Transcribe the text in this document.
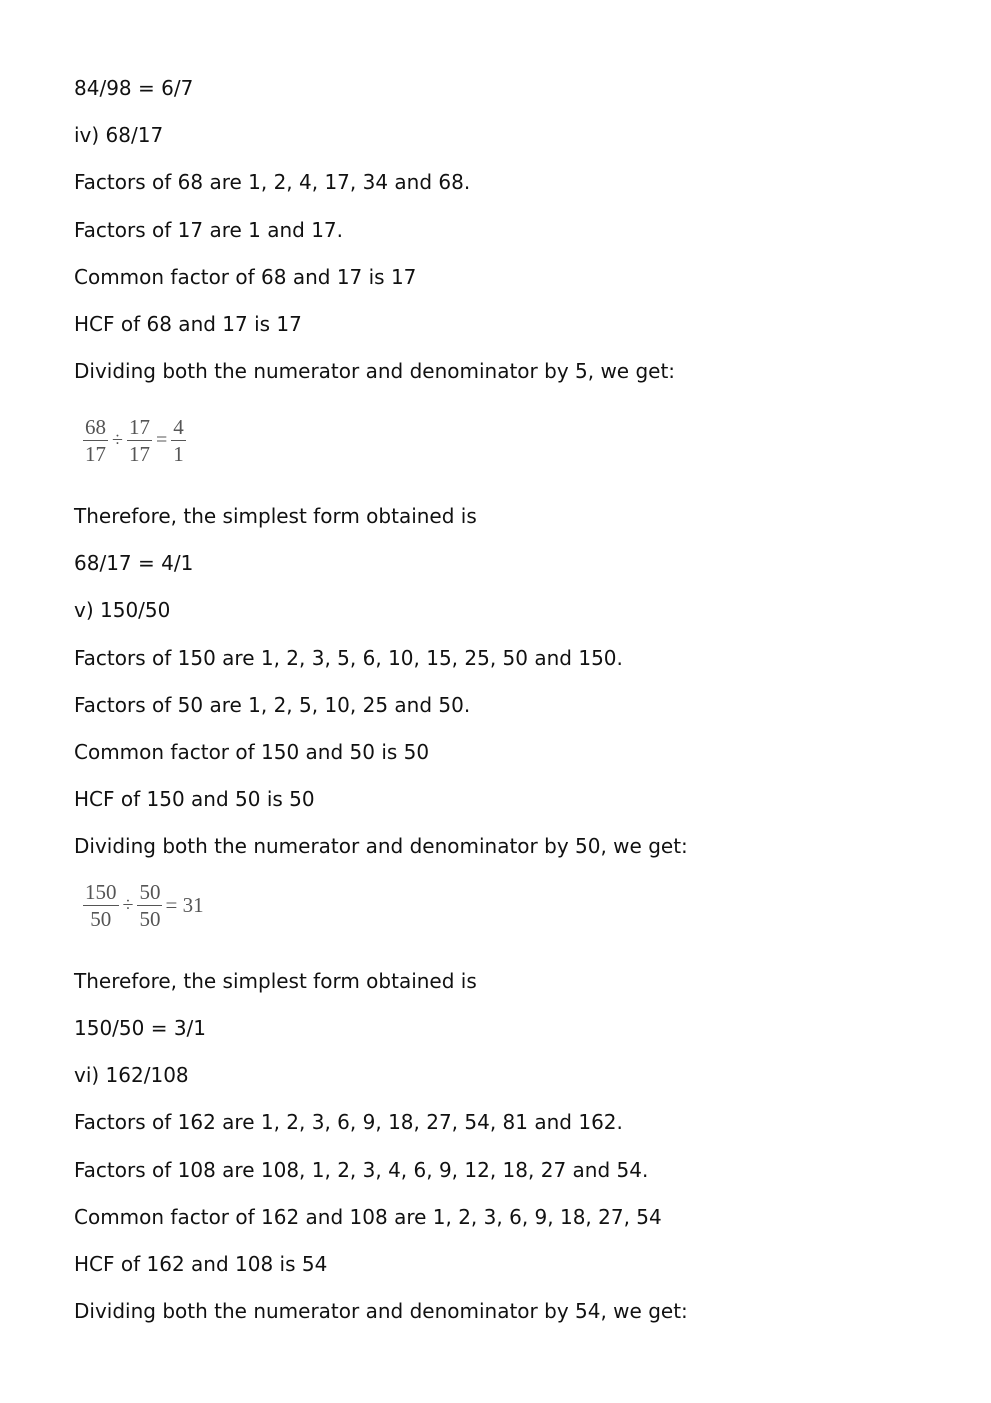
84/98 = 6/7
iv) 68/17
Factors of 68 are 1, 2, 4, 17, 34 and 68.
Factors of 17 are 1 and 17.
Common factor of 68 and 17 is 17
HCF of 68 and 17 is 17
Dividing both the numerator and denominator by 5, we get:
$\frac{68}{17} \div \frac{17}{17} = \frac{4}{1}$
Therefore, the simplest form obtained is
68/17 = 4/1
v) 150/50
Factors of 150 are 1, 2, 3, 5, 6, 10, 15, 25, 50 and 150.
Factors of 50 are 1, 2, 5, 10, 25 and 50.
Common factor of 150 and 50 is 50
HCF of 150 and 50 is 50
Dividing both the numerator and denominator by 50, we get:
$\frac{150}{50} \div \frac{50}{50} = 31$
Therefore, the simplest form obtained is
150/50 = 3/1
vi) 162/108
Factors of 162 are 1, 2, 3, 6, 9, 18, 27, 54, 81 and 162.
Factors of 108 are 108, 1, 2, 3, 4, 6, 9, 12, 18, 27 and 54.
Common factor of 162 and 108 are 1, 2, 3, 6, 9, 18, 27, 54
HCF of 162 and 108 is 54
Dividing both the numerator and denominator by 54, we get:
